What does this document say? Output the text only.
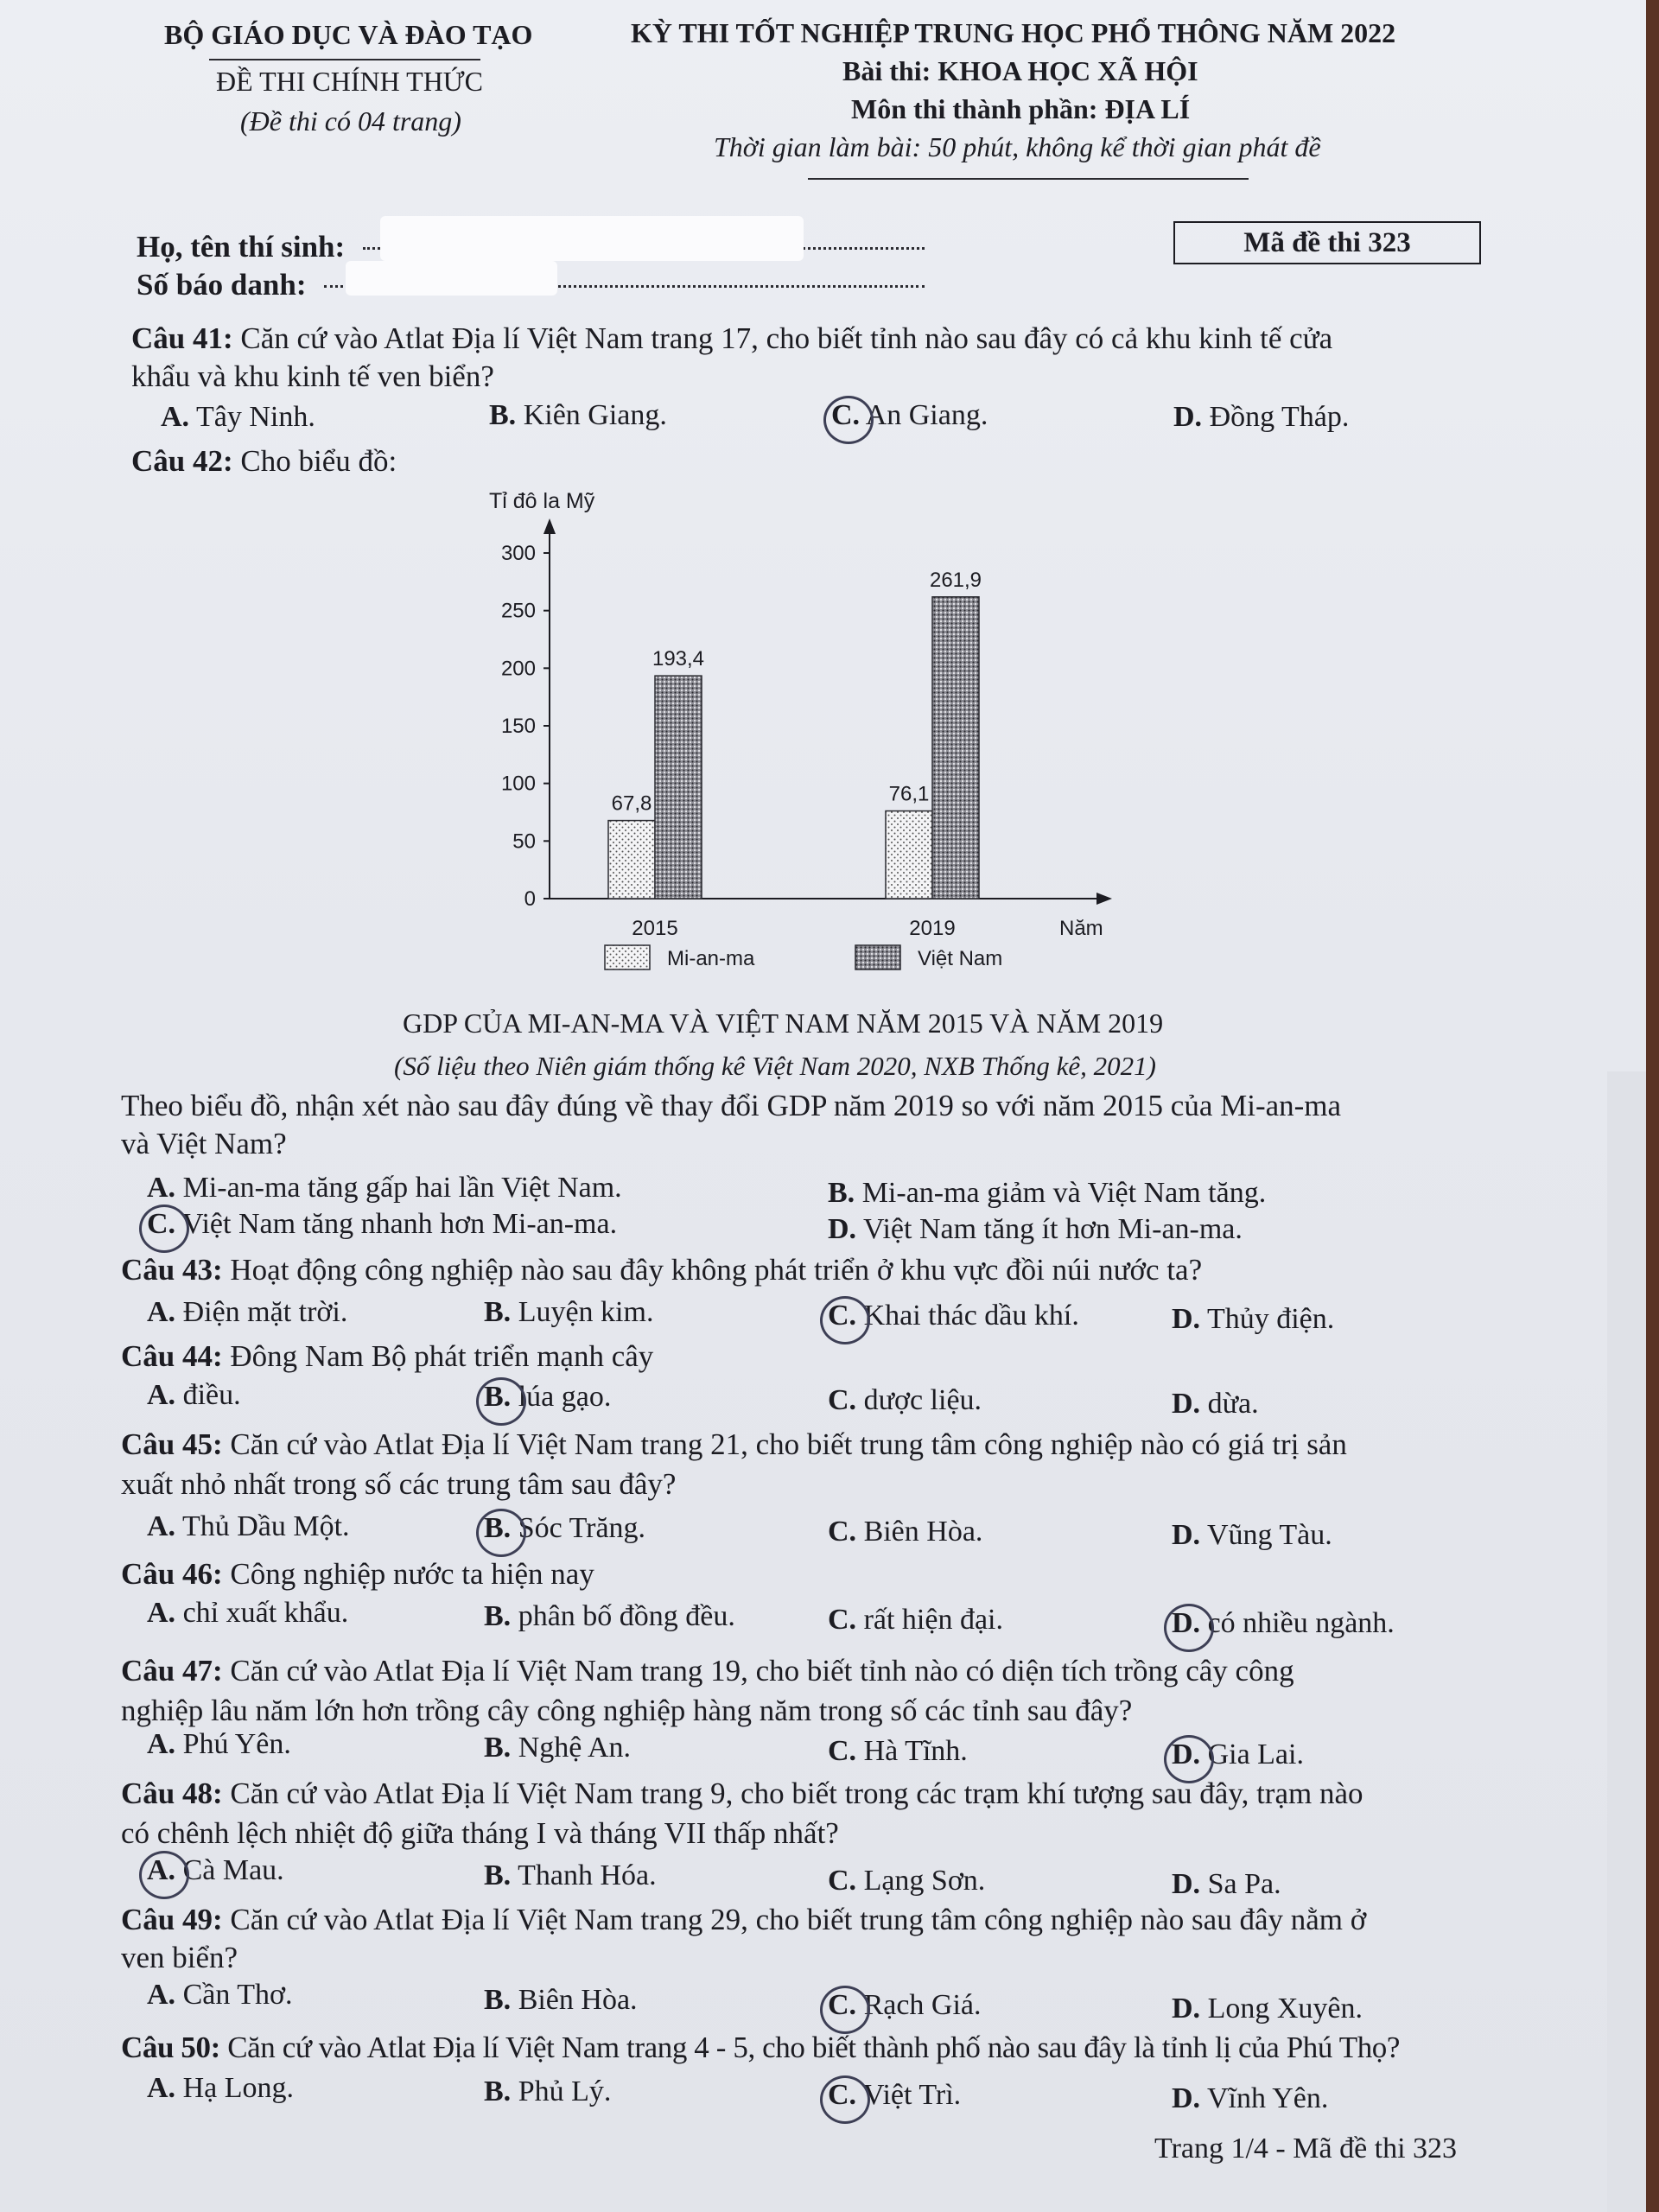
BỘ GIÁO DỤC VÀ ĐÀO TẠO
ĐỀ THI CHÍNH THỨC
(Đề thi có 04 trang)
KỲ THI TỐT NGHIỆP TRUNG HỌC PHỔ THÔNG NĂM 2022
Bài thi: KHOA HỌC XÃ HỘI
Môn thi thành phần: ĐỊA LÍ
Thời gian làm bài: 50 phút, không kể thời gian phát đề
Họ, tên thí sinh:
Số báo danh:
Mã đề thi 323
Câu 41: Căn cứ vào Atlat Địa lí Việt Nam trang 17, cho biết tỉnh nào sau đây có cả khu kinh tế cửa
khẩu và khu kinh tế ven biển?
A. Tây Ninh.	B. Kiên Giang.	C. An Giang.	D. Đồng Tháp.
Câu 42: Cho biểu đồ:
Tỉ đô la Mỹ
0
50
100
150
200
250
300
67,8
193,4
76,1
261,9
2015	2019	Năm
Mi-an-ma	Việt Nam
GDP CỦA MI-AN-MA VÀ VIỆT NAM NĂM 2015 VÀ NĂM 2019
(Số liệu theo Niên giám thống kê Việt Nam 2020, NXB Thống kê, 2021)
Theo biểu đồ, nhận xét nào sau đây đúng về thay đổi GDP năm 2019 so với năm 2015 của Mi-an-ma
và Việt Nam?
A. Mi-an-ma tăng gấp hai lần Việt Nam.	B. Mi-an-ma giảm và Việt Nam tăng.
C. Việt Nam tăng nhanh hơn Mi-an-ma.	D. Việt Nam tăng ít hơn Mi-an-ma.
Câu 43: Hoạt động công nghiệp nào sau đây không phát triển ở khu vực đồi núi nước ta?
A. Điện mặt trời.	B. Luyện kim.	C. Khai thác dầu khí.	D. Thủy điện.
Câu 44: Đông Nam Bộ phát triển mạnh cây
A. điều.	B. lúa gạo.	C. dược liệu.	D. dừa.
Câu 45: Căn cứ vào Atlat Địa lí Việt Nam trang 21, cho biết trung tâm công nghiệp nào có giá trị sản
xuất nhỏ nhất trong số các trung tâm sau đây?
A. Thủ Dầu Một.	B. Sóc Trăng.	C. Biên Hòa.	D. Vũng Tàu.
Câu 46: Công nghiệp nước ta hiện nay
A. chỉ xuất khẩu.	B. phân bố đồng đều.	C. rất hiện đại.	D. có nhiều ngành.
Câu 47: Căn cứ vào Atlat Địa lí Việt Nam trang 19, cho biết tỉnh nào có diện tích trồng cây công
nghiệp lâu năm lớn hơn trồng cây công nghiệp hàng năm trong số các tỉnh sau đây?
A. Phú Yên.	B. Nghệ An.	C. Hà Tĩnh.	D. Gia Lai.
Câu 48: Căn cứ vào Atlat Địa lí Việt Nam trang 9, cho biết trong các trạm khí tượng sau đây, trạm nào
có chênh lệch nhiệt độ giữa tháng I và tháng VII thấp nhất?
A. Cà Mau.	B. Thanh Hóa.	C. Lạng Sơn.	D. Sa Pa.
Câu 49: Căn cứ vào Atlat Địa lí Việt Nam trang 29, cho biết trung tâm công nghiệp nào sau đây nằm ở
ven biển?
A. Cần Thơ.	B. Biên Hòa.	C. Rạch Giá.	D. Long Xuyên.
Câu 50: Căn cứ vào Atlat Địa lí Việt Nam trang 4 - 5, cho biết thành phố nào sau đây là tỉnh lị của Phú Thọ?
A. Hạ Long.	B. Phủ Lý.	C. Việt Trì.	D. Vĩnh Yên.
Trang 1/4 - Mã đề thi 323
